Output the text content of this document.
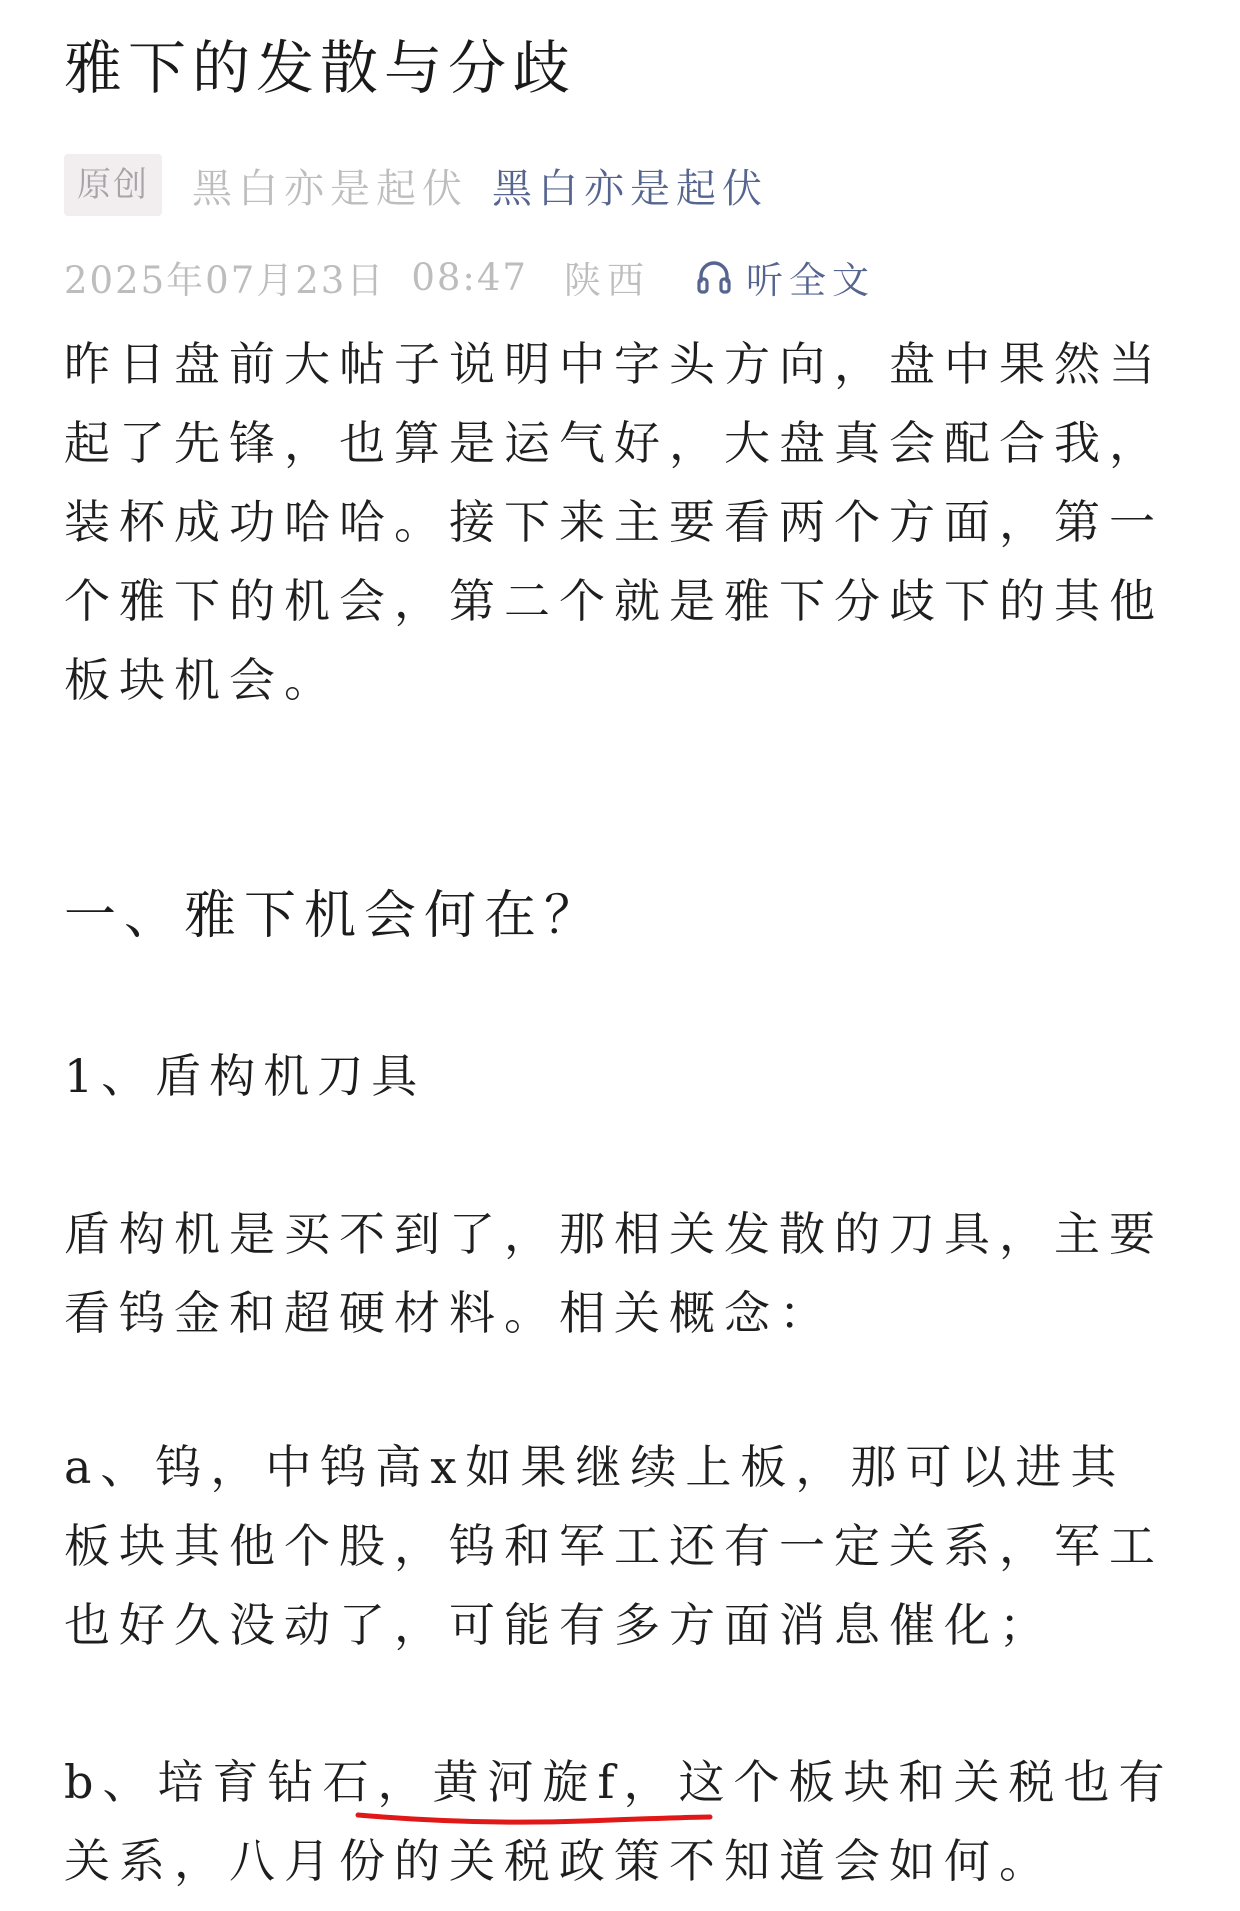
雅下的发散与分歧
原创	黑白亦是起伏 黑白亦是起伏
2025年07月23日 08:47 陕西	听全文

昨日盘前大帖子说明中字头方向，盘中果然当起了先锋，也算是运气好，大盘真会配合我，装杯成功哈哈。接下来主要看两个方面，第一个雅下的机会，第二个就是雅下分歧下的其他板块机会。

一、雅下机会何在？
1、盾构机刀具

盾构机是买不到了，那相关发散的刀具，主要看钨金和超硬材料。相关概念：

a、钨，中钨高x如果继续上板，那可以进其板块其他个股，钨和军工还有一定关系，军工也好久没动了，可能有多方面消息催化；

b、培育钻石，黄河旋f，这个板块和关税也有关系，八月份的关税政策不知道会如何。
